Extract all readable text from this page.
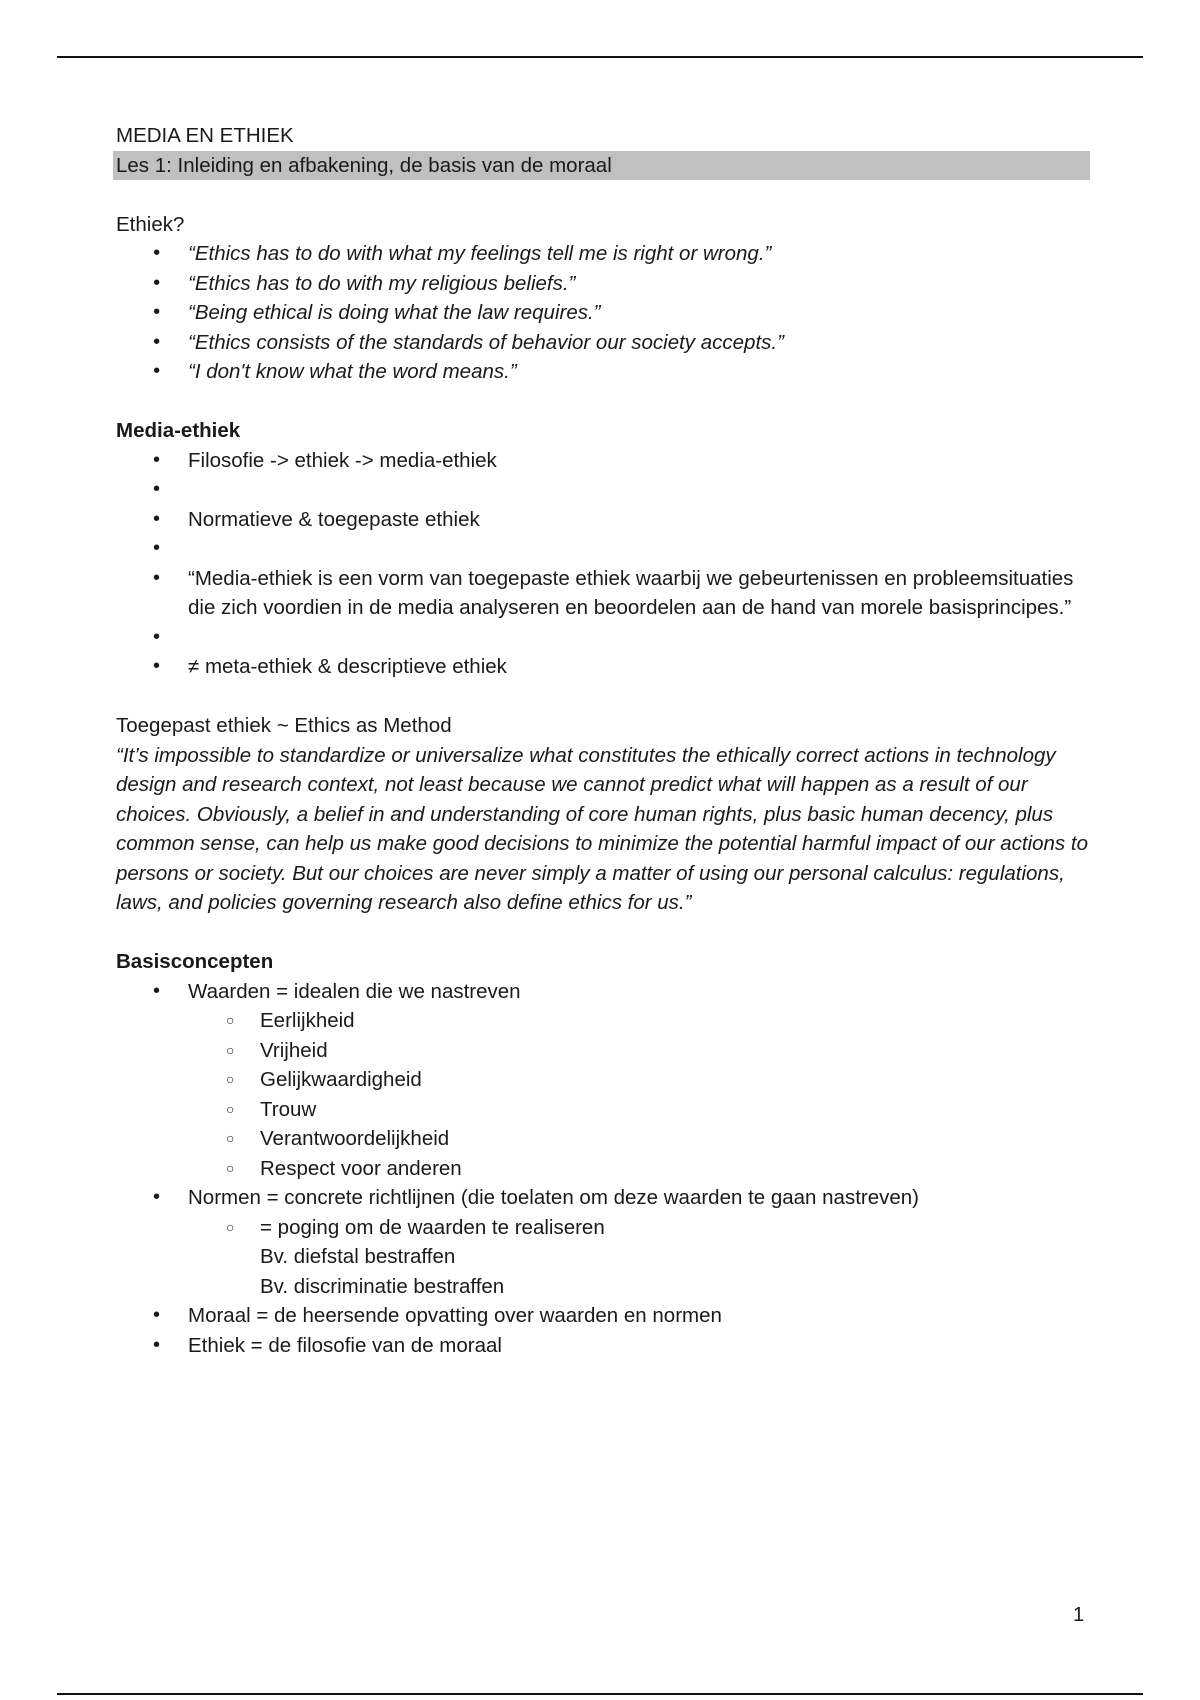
MEDIA EN ETHIEK

Les 1: Inleiding en afbakening, de basis van de moraal

Ethiek?

• “Ethics has to do with what my feelings tell me is right or wrong.”
• “Ethics has to do with my religious beliefs.”
• “Being ethical is doing what the law requires.”
• “Ethics consists of the standards of behavior our society accepts.”
• “I don't know what the word means.”

Media-ethiek

• Filosofie -> ethiek -> media-ethiek
•
• Normatieve & toegepaste ethiek
•
• “Media-ethiek is een vorm van toegepaste ethiek waarbij we gebeurtenissen en probleemsituaties die zich voordien in de media analyseren en beoordelen aan de hand van morele basisprincipes.”
•
• ≠ meta-ethiek & descriptieve ethiek

Toegepast ethiek ~ Ethics as Method

“It’s impossible to standardize or universalize what constitutes the ethically correct actions in technology design and research context, not least because we cannot predict what will happen as a result of our choices. Obviously, a belief in and understanding of core human rights, plus basic human decency, plus common sense, can help us make good decisions to minimize the potential harmful impact of our actions to persons or society. But our choices are never simply a matter of using our personal calculus: regulations, laws, and policies governing research also define ethics for us.”

Basisconcepten

• Waarden = idealen die we nastreven
○ Eerlijkheid
○ Vrijheid
○ Gelijkwaardigheid
○ Trouw
○ Verantwoordelijkheid
○ Respect voor anderen
• Normen = concrete richtlijnen (die toelaten om deze waarden te gaan nastreven)
○ = poging om de waarden te realiseren
Bv. diefstal bestraffen
Bv. discriminatie bestraffen
• Moraal = de heersende opvatting over waarden en normen
• Ethiek = de filosofie van de moraal
1
